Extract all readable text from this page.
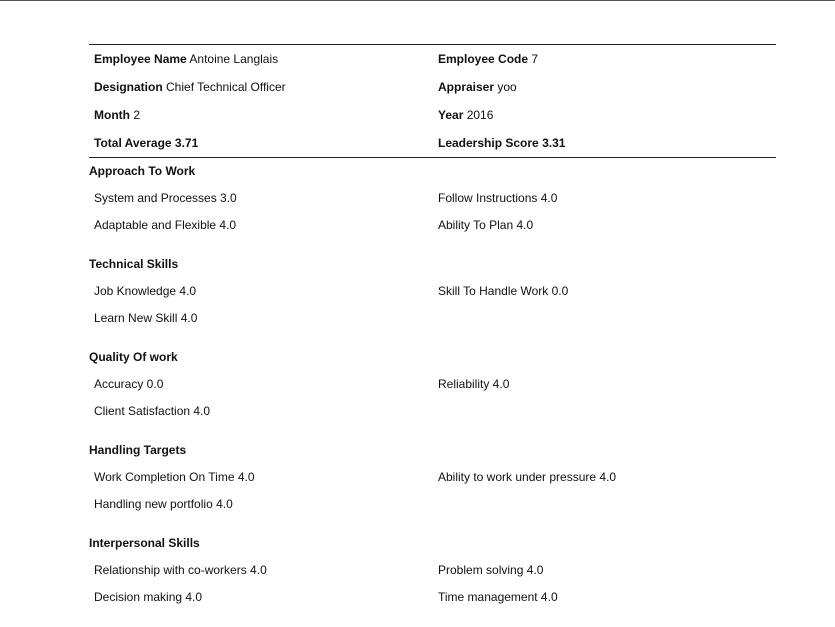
Employee Name Antoine Langlais	Employee Code 7
Designation Chief Technical Officer	Appraiser yoo
Month 2	Year 2016
Total Average 3.71	Leadership Score 3.31
Approach To Work
System and Processes 3.0	Follow Instructions 4.0
Adaptable and Flexible 4.0	Ability To Plan 4.0
Technical Skills
Job Knowledge 4.0	Skill To Handle Work 0.0
Learn New Skill 4.0
Quality Of work
Accuracy 0.0	Reliability 4.0
Client Satisfaction 4.0
Handling Targets
Work Completion On Time 4.0	Ability to work under pressure 4.0
Handling new portfolio 4.0
Interpersonal Skills
Relationship with co-workers 4.0	Problem solving 4.0
Decision making 4.0	Time management 4.0
